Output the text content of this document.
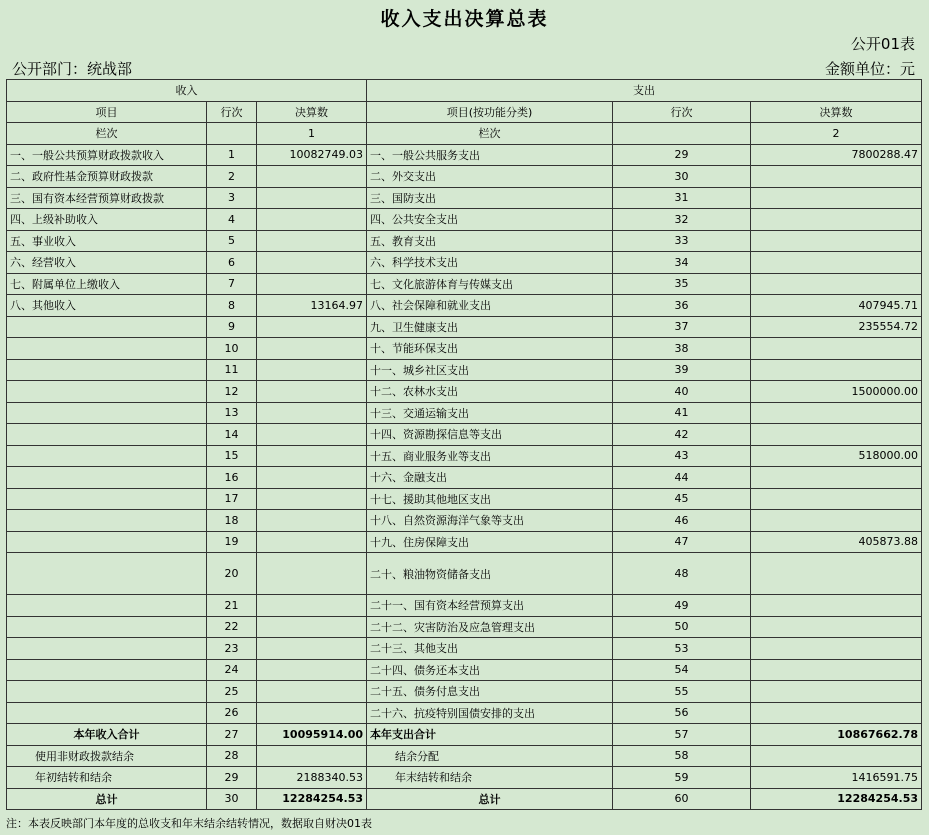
收入支出决算总表
公开01表
公开部门：统战部	金额单位：元
收入			支出		
项目	行次	决算数	项目(按功能分类)	行次	决算数
栏次		1	栏次		2
一、一般公共预算财政拨款收入	1	10082749.03	一、一般公共服务支出	29	7800288.47
二、政府性基金预算财政拨款	2		二、外交支出	30	
三、国有资本经营预算财政拨款	3		三、国防支出	31	
四、上级补助收入	4		四、公共安全支出	32	
五、事业收入	5		五、教育支出	33	
六、经营收入	6		六、科学技术支出	34	
七、附属单位上缴收入	7		七、文化旅游体育与传媒支出	35	
八、其他收入	8	13164.97	八、社会保障和就业支出	36	407945.71
	9		九、卫生健康支出	37	235554.72
	10		十、节能环保支出	38	
	11		十一、城乡社区支出	39	
	12		十二、农林水支出	40	1500000.00
	13		十三、交通运输支出	41	
	14		十四、资源勘探信息等支出	42	
	15		十五、商业服务业等支出	43	518000.00
	16		十六、金融支出	44	
	17		十七、援助其他地区支出	45	
	18		十八、自然资源海洋气象等支出	46	
	19		十九、住房保障支出	47	405873.88
	20		二十、粮油物资储备支出	48	
	21		二十一、国有资本经营预算支出	49	
	22		二十二、灾害防治及应急管理支出	50	
	23		二十三、其他支出	53	
	24		二十四、债务还本支出	54	
	25		二十五、债务付息支出	55	
	26		二十六、抗疫特别国债安排的支出	56	
本年收入合计	27	10095914.00	本年支出合计	57	10867662.78
使用非财政拨款结余	28		结余分配	58	
年初结转和结余	29	2188340.53	年末结转和结余	59	1416591.75
总计	30	12284254.53	总计	60	12284254.53
注：本表反映部门本年度的总收支和年末结余结转情况，数据取自财决01表
